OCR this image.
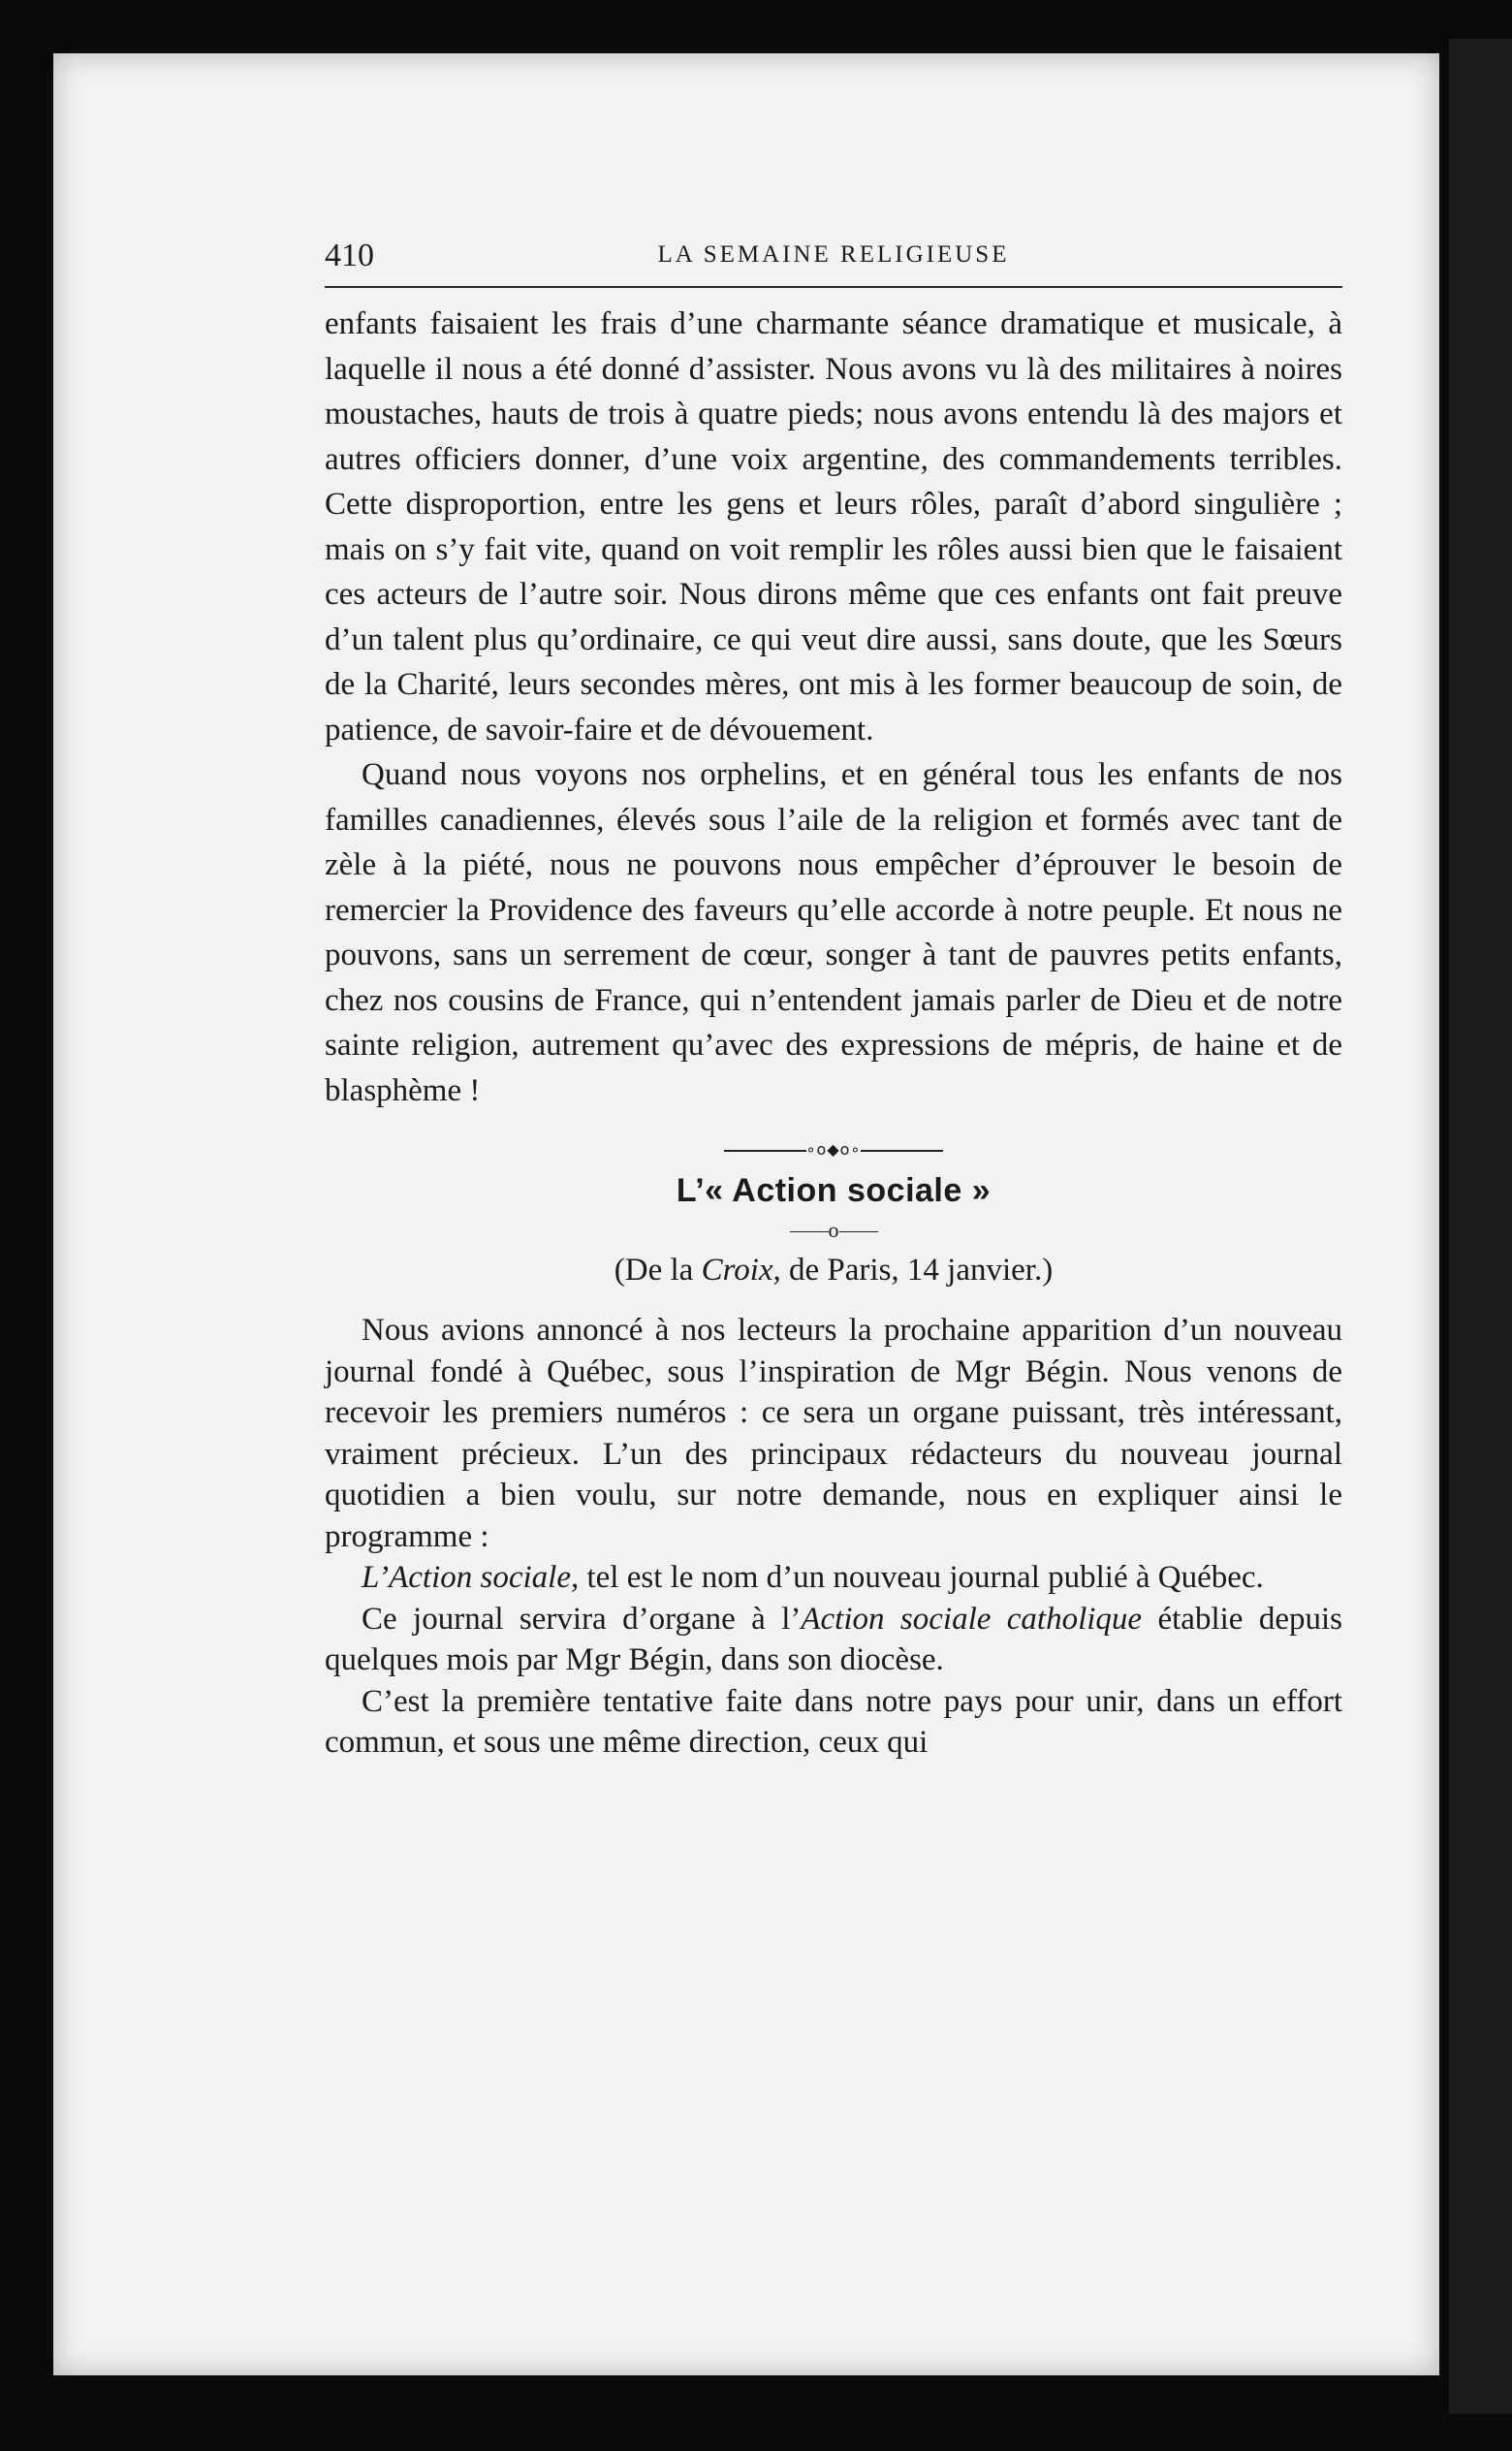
410	LA SEMAINE RELIGIEUSE

enfants faisaient les frais d’une charmante séance dramatique et musicale, à laquelle il nous a été donné d’assister. Nous avons vu là des militaires à noires moustaches, hauts de trois à quatre pieds; nous avons entendu là des majors et autres officiers donner, d’une voix argentine, des commandements terribles. Cette disproportion, entre les gens et leurs rôles, paraît d’abord singulière ; mais on s’y fait vite, quand on voit remplir les rôles aussi bien que le faisaient ces acteurs de l’autre soir. Nous dirons même que ces enfants ont fait preuve d’un talent plus qu’ordinaire, ce qui veut dire aussi, sans doute, que les Sœurs de la Charité, leurs secondes mères, ont mis à les former beaucoup de soin, de patience, de savoir-faire et de dévouement.

Quand nous voyons nos orphelins, et en général tous les enfants de nos familles canadiennes, élevés sous l’aile de la religion et formés avec tant de zèle à la piété, nous ne pouvons nous empêcher d’éprouver le besoin de remercier la Providence des faveurs qu’elle accorde à notre peuple. Et nous ne pouvons, sans un serrement de cœur, songer à tant de pauvres petits enfants, chez nos cousins de France, qui n’entendent jamais parler de Dieu et de notre sainte religion, autrement qu’avec des expressions de mépris, de haine et de blasphème !

∘o◆o∘
L’« Action sociale »
o
(De la Croix, de Paris, 14 janvier.)

Nous avions annoncé à nos lecteurs la prochaine apparition d’un nouveau journal fondé à Québec, sous l’inspiration de Mgr Bégin. Nous venons de recevoir les premiers numéros : ce sera un organe puissant, très intéressant, vraiment précieux. L’un des principaux rédacteurs du nouveau journal quotidien a bien voulu, sur notre demande, nous en expliquer ainsi le programme :

L’Action sociale, tel est le nom d’un nouveau journal publié à Québec.

Ce journal servira d’organe à l’Action sociale catholique établie depuis quelques mois par Mgr Bégin, dans son diocèse.

C’est la première tentative faite dans notre pays pour unir, dans un effort commun, et sous une même direction, ceux qui
